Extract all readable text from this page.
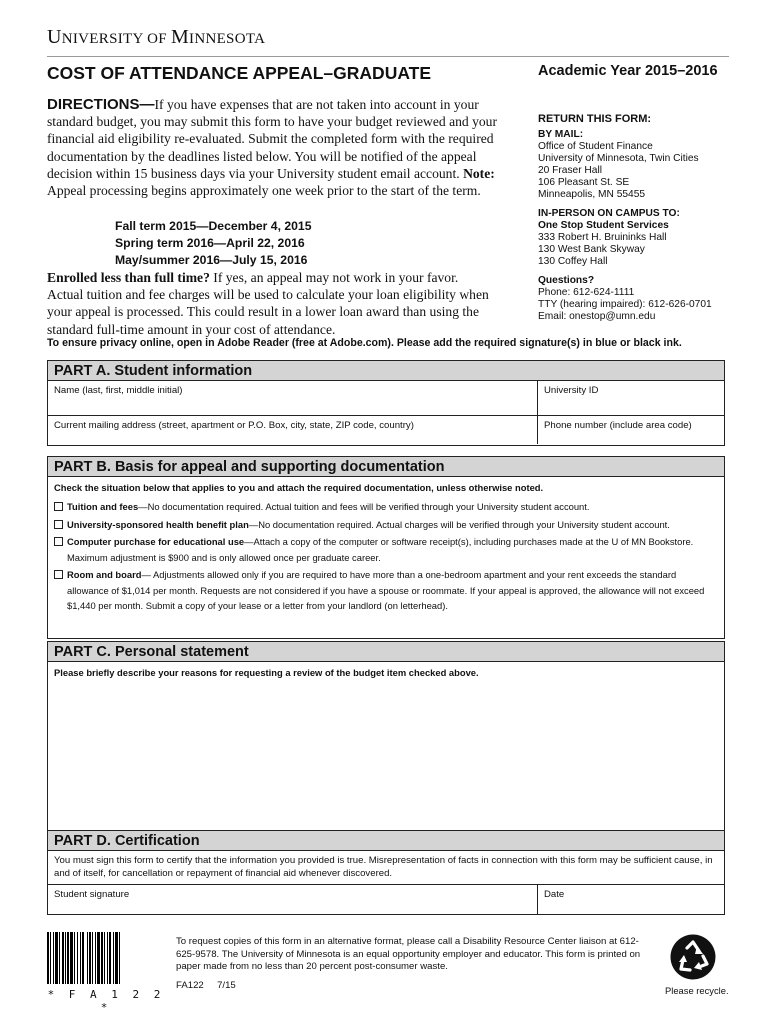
UNIVERSITY OF MINNESOTA
COST OF ATTENDANCE APPEAL–GRADUATE	Academic Year 2015–2016
DIRECTIONS—If you have expenses that are not taken into account in your standard budget, you may submit this form to have your budget reviewed and your financial aid eligibility re-evaluated. Submit the completed form with the required documentation by the deadlines listed below. You will be notified of the appeal decision within 15 business days via your University student email account. Note: Appeal processing begins approximately one week prior to the start of the term.
Fall term 2015—December 4, 2015
Spring term 2016—April 22, 2016
May/summer 2016—July 15, 2016
Enrolled less than full time? If yes, an appeal may not work in your favor. Actual tuition and fee charges will be used to calculate your loan eligibility when your appeal is processed. This could result in a lower loan award than using the standard full-time amount in your cost of attendance.
RETURN THIS FORM:
BY MAIL:
Office of Student Finance
University of Minnesota, Twin Cities
20 Fraser Hall
106 Pleasant St. SE
Minneapolis, MN 55455
IN-PERSON ON CAMPUS TO:
One Stop Student Services
333 Robert H. Bruininks Hall
130 West Bank Skyway
130 Coffey Hall
Questions?
Phone: 612-624-1111
TTY (hearing impaired): 612-626-0701
Email: onestop@umn.edu
To ensure privacy online, open in Adobe Reader (free at Adobe.com). Please add the required signature(s) in blue or black ink.
PART A. Student information
Name (last, first, middle initial)	University ID
Current mailing address (street, apartment or P.O. Box, city, state, ZIP code, country)	Phone number (include area code)
PART B. Basis for appeal and supporting documentation
Check the situation below that applies to you and attach the required documentation, unless otherwise noted.
Tuition and fees—No documentation required. Actual tuition and fees will be verified through your University student account.
University-sponsored health benefit plan—No documentation required. Actual charges will be verified through your University student account.
Computer purchase for educational use—Attach a copy of the computer or software receipt(s), including purchases made at the U of MN Bookstore. Maximum adjustment is $900 and is only allowed once per graduate career.
Room and board— Adjustments allowed only if you are required to have more than a one-bedroom apartment and your rent exceeds the standard allowance of $1,014 per month. Requests are not considered if you have a spouse or roommate. If your appeal is approved, the allowance will not exceed $1,440 per month. Submit a copy of your lease or a letter from your landlord (on letterhead).
PART C. Personal statement
Please briefly describe your reasons for requesting a review of the budget item checked above.
PART D. Certification
You must sign this form to certify that the information you provided is true. Misrepresentation of facts in connection with this form may be sufficient cause, in and of itself, for cancellation or repayment of financial aid whenever discovered.
Student signature	Date
* F A 1 2 2 *
To request copies of this form in an alternative format, please call a Disability Resource Center liaison at 612-625-9578. The University of Minnesota is an equal opportunity employer and educator. This form is printed on paper made from no less than 20 percent post-consumer waste.
FA122     7/15	Please recycle.
